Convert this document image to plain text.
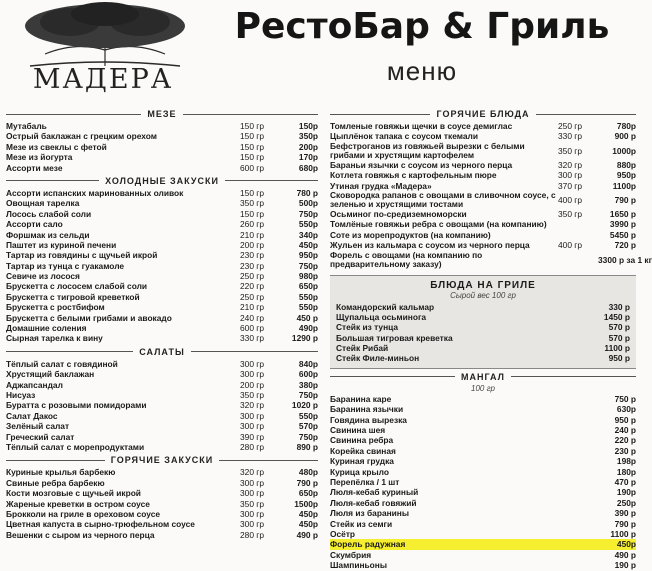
МАДЕРА
РестоБар & Гриль
меню
МЕЗЕ
Мутабаль	150 гр	150р
Острый баклажан с грецким орехом	150 гр	350р
Мезе из свеклы с фетой	150 гр	200р
Мезе из йогурта	150 гр	170р
Ассорти мезе	600 гр	680р
ХОЛОДНЫЕ ЗАКУСКИ
Ассорти испанских маринованных оливок	150 гр	780 р
Овощная тарелка	350 гр	500р
Лосось слабой соли	150 гр	750р
Ассорти сало	260 гр	550р
Форшмак из сельди	210 гр	340р
Паштет из куриной печени	200 гр	450р
Тартар из говядины с щучьей икрой	230 гр	950р
Тартар из тунца с гуакамоле	230 гр	750р
Севиче из лосося	250 гр	980р
Брускетта с лососем слабой соли	220 гр	650р
Брускетта с тигровой креветкой	250 гр	550р
Брускетта с ростбифом	210 гр	550р
Брускетта с белыми грибами и авокадо	240 гр	450 р
Домашние соления	600 гр	490р
Сырная тарелка к вину	330 гр	1290 р
САЛАТЫ
Тёплый салат с говядиной	300 гр	840р
Хрустящий баклажан	300 гр	600р
Аджапсандал	200 гр	380р
Нисуаз	350 гр	750р
Буратта с розовыми помидорами	320 гр	1020 р
Салат Дакос	300 гр	550р
Зелёный салат	300 гр	570р
Греческий салат	390 гр	750р
Тёплый салат с морепродуктами	280 гр	890 р
ГОРЯЧИЕ ЗАКУСКИ
Куриные крылья барбекю	320 гр	480р
Свиные ребра барбекю	300 гр	790 р
Кости мозговые с щучьей икрой	300 гр	650р
Жареные креветки в остром соусе	350 гр	1500р
Брокколи на гриле в ореховом соусе	300 гр	450р
Цветная капуста в сырно-трюфельном соусе	300 гр	450р
Вешенки с сыром из черного перца	280 гр	490 р
ГОРЯЧИЕ БЛЮДА
Томленые говяжьи щечки в соусе демиглас	250 гр	780р
Цыплёнок тапака с соусом ткемали	330 гр	900 р
Бефстроганов из говяжьей вырезки с белыми грибами и хрустящим картофелем	350 гр	1000р
Бараньи язычки с соусом из черного перца	320 гр	880р
Котлета говяжья с картофельным пюре	300 гр	950р
Утиная грудка «Мадера»	370 гр	1100р
Сковородка рапанов с овощами в сливочном соусе, с зеленью и хрустящими тостами	400 гр	790 р
Осьминог по-средиземноморски	350 гр	1650 р
Томлёные говяжьи ребра с овощами (на компанию)	3990 р
Соте из морепродуктов (на компанию)	5450 р
Жульен из кальмара с соусом из черного перца	400 гр	720 р
Форель с овощами (на компанию по предварительному заказу)	3300 р за 1 кг
БЛЮДА НА ГРИЛЕ
Сырой вес 100 гр
Командорский кальмар	330 р
Щупальца осьминога	1450 р
Стейк из тунца	570 р
Большая тигровая креветка	570 р
Стейк Рибай	1100 р
Стейк Филе-миньон	950 р
МАНГАЛ
100 гр
Баранина каре	750 р
Баранина язычки	630р
Говядина вырезка	950 р
Свинина шея	240 р
Свинина ребра	220 р
Корейка свиная	230 р
Куриная грудка	198р
Курица крыло	180р
Перепёлка / 1 шт	470 р
Люля-кебаб куриный	190р
Люля-кебаб говяжий	250р
Люля из баранины	390 р
Стейк из семги	790 р
Осётр	1100 р
Форель радужная	450р
Скумбрия	490 р
Шампиньоны	190 р
